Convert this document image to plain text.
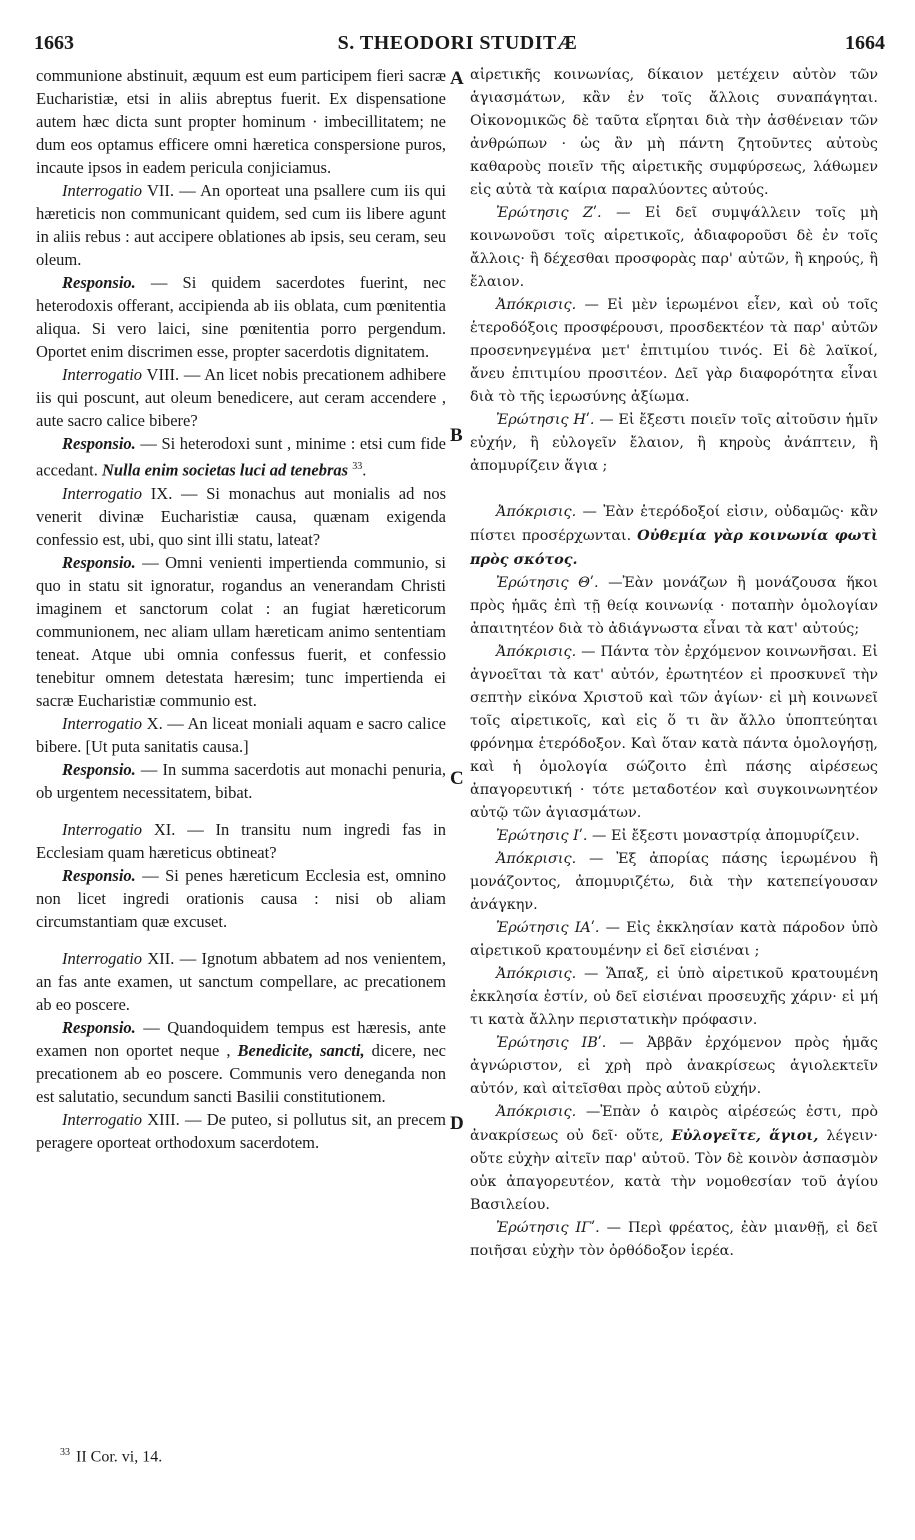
1663	S. THEODORI STUDITÆ	1664
A
B
C
D

communione abstinuit, æquum est eum participem fieri sacræ Eucharistiæ, etsi in aliis abreptus fuerit. Ex dispensatione autem hæc dicta sunt propter hominum · imbecillitatem; ne dum eos optamus efficere omni hæretica conspersione puros, incaute ipsos in eadem pericula conjiciamus.

Interrogatio VII. — An oporteat una psallere cum iis qui hæreticis non communicant quidem, sed cum iis libere agunt in aliis rebus : aut accipere oblationes ab ipsis, seu ceram, seu oleum.

Responsio. — Si quidem sacerdotes fuerint, nec heterodoxis offerant, accipienda ab iis oblata, cum pœnitentia aliqua. Si vero laici, sine pœnitentia porro pergendum. Oportet enim discrimen esse, propter sacerdotis dignitatem.

Interrogatio VIII. — An licet nobis precationem adhibere iis qui poscunt, aut oleum benedicere, aut ceram accendere , aute sacro calice bibere?

Responsio. — Si heterodoxi sunt , minime : etsi cum fide accedant. Nulla enim societas luci ad tenebras $^{33}$.

Interrogatio IX. — Si monachus aut monialis ad nos venerit divinæ Eucharistiæ causa, quænam exigenda confessio est, ubi, quo sint illi statu, lateat?

Responsio. — Omni venienti impertienda communio, si quo in statu sit ignoratur, rogandus an venerandam Christi imaginem et sanctorum colat : an fugiat hæreticorum communionem, nec aliam ullam hæreticam animo sententiam teneat. Atque ubi omnia confessus fuerit, et confessio tenebitur omnem detestata hæresim; tunc impertienda ei sacræ Eucharistiæ communio est.

Interrogatio X. — An liceat moniali aquam e sacro calice bibere. [Ut puta sanitatis causa.]

Responsio. — In summa sacerdotis aut monachi penuria, ob urgentem necessitatem, bibat.

Interrogatio XI. — In transitu num ingredi fas in Ecclesiam quam hæreticus obtineat?

Responsio. — Si penes hæreticum Ecclesia est, omnino non licet ingredi orationis causa : nisi ob aliam circumstantiam quæ excuset.

Interrogatio XII. — Ignotum abbatem ad nos venientem, an fas ante examen, ut sanctum compellare, ac precationem ab eo poscere.

Responsio. — Quandoquidem tempus est hæresis, ante examen non oportet neque , Benedicite, sancti, dicere, nec precationem ab eo poscere. Communis vero deneganda non est salutatio, secundum sancti Basilii constitutionem.

Interrogatio XIII. — De puteo, si pollutus sit, an precem peragere oporteat orthodoxum sacerdotem.

αἱρετικῆς κοινωνίας, δίκαιον μετέχειν αὐτὸν τῶν ἁγιασμάτων, κἂν ἐν τοῖς ἄλλοις συναπάγηται. Οἰκονομικῶς δὲ ταῦτα εἴρηται διὰ τὴν ἀσθένειαν τῶν ἀνθρώπων · ὡς ἂν μὴ πάντη ζητοῦντες αὐτοὺς καθαροὺς ποιεῖν τῆς αἱρετικῆς συμφύρσεως, λάθωμεν εἰς αὐτὰ τὰ καίρια παραλύοντες αὐτούς.

Ἐρώτησις Ζʹ. — Εἰ δεῖ συμψάλλειν τοῖς μὴ κοινωνοῦσι τοῖς αἱρετικοῖς, ἀδιαφοροῦσι δὲ ἐν τοῖς ἄλλοις· ἢ δέχεσθαι προσφορὰς παρ' αὐτῶν, ἢ κηρούς, ἢ ἔλαιον.

Ἀπόκρισις. — Εἰ μὲν ἱερωμένοι εἶεν, καὶ οὐ τοῖς ἑτεροδόξοις προσφέρουσι, προσδεκτέον τὰ παρ' αὐτῶν προσενηνεγμένα μετ' ἐπιτιμίου τινός. Εἰ δὲ λαϊκοί, ἄνευ ἐπιτιμίου προσιτέον. Δεῖ γὰρ διαφορότητα εἶναι διὰ τὸ τῆς ἱερωσύνης ἀξίωμα.

Ἐρώτησις Ηʹ. — Εἰ ἔξεστι ποιεῖν τοῖς αἰτοῦσιν ἡμῖν εὐχήν, ἢ εὐλογεῖν ἔλαιον, ἢ κηροὺς ἀνάπτειν, ἢ ἀπομυρίζειν ἅγια ;

Ἀπόκρισις. — Ἐὰν ἑτερόδοξοί εἰσιν, οὐδαμῶς· κἂν πίστει προσέρχωνται. Οὐθεμία γὰρ κοινωνία φωτὶ πρὸς σκότος.

Ἐρώτησις Θʹ. —Ἐὰν μονάζων ἢ μονάζουσα ἥκοι πρὸς ἡμᾶς ἐπὶ τῇ θείᾳ κοινωνίᾳ · ποταπὴν ὁμολογίαν ἀπαιτητέον διὰ τὸ ἀδιάγνωστα εἶναι τὰ κατ' αὐτούς;

Ἀπόκρισις. — Πάντα τὸν ἐρχόμενον κοινωνῆσαι. Εἰ ἀγνοεῖται τὰ κατ' αὐτόν, ἐρωτητέον εἰ προσκυνεῖ τὴν σεπτὴν εἰκόνα Χριστοῦ καὶ τῶν ἁγίων· εἰ μὴ κοινωνεῖ τοῖς αἱρετικοῖς, καὶ εἰς ὅ τι ἂν ἄλλο ὑποπτεύηται φρόνημα ἑτερόδοξον. Καὶ ὅταν κατὰ πάντα ὁμολογήσῃ, καὶ ἡ ὁμολογία σώζοιτο ἐπὶ πάσης αἱρέσεως ἀπαγορευτική · τότε μεταδοτέον καὶ συγκοινωνητέον αὐτῷ τῶν ἁγιασμάτων.

Ἐρώτησις Ιʹ. — Εἰ ἔξεστι μοναστρίᾳ ἀπομυρίζειν.

Ἀπόκρισις. — Ἐξ ἀπορίας πάσης ἱερωμένου ἢ μονάζοντος, ἀπομυριζέτω, διὰ τὴν κατεπείγουσαν ἀνάγκην.

Ἐρώτησις ΙΑʹ. — Εἰς ἐκκλησίαν κατὰ πάροδον ὑπὸ αἱρετικοῦ κρατουμένην εἰ δεῖ εἰσιέναι ;

Ἀπόκρισις. — Ἅπαξ, εἰ ὑπὸ αἱρετικοῦ κρατουμένη ἐκκλησία ἐστίν, οὐ δεῖ εἰσιέναι προσευχῆς χάριν· εἰ μή τι κατὰ ἄλλην περιστατικὴν πρόφασιν.

Ἐρώτησις ΙΒʹ. — Ἀββᾶν ἐρχόμενον πρὸς ἡμᾶς ἀγνώριστον, εἰ χρὴ πρὸ ἀνακρίσεως ἁγιολεκτεῖν αὐτόν, καὶ αἰτεῖσθαι πρὸς αὐτοῦ εὐχήν.

Ἀπόκρισις. —Ἐπὰν ὁ καιρὸς αἱρέσεώς ἐστι, πρὸ ἀνακρίσεως οὐ δεῖ· οὔτε, Εὐλογεῖτε, ἅγιοι, λέγειν· οὔτε εὐχὴν αἰτεῖν παρ' αὐτοῦ. Τὸν δὲ κοινὸν ἀσπασμὸν οὐκ ἀπαγορευτέον, κατὰ τὴν νομοθεσίαν τοῦ ἁγίου Βασιλείου.

Ἐρώτησις ΙΓʹ. — Περὶ φρέατος, ἐὰν μιανθῇ, εἰ δεῖ ποιῆσαι εὐχὴν τὸν ὀρθόδοξον ἱερέα.

$^{33}$ II Cor. vi, 14.
